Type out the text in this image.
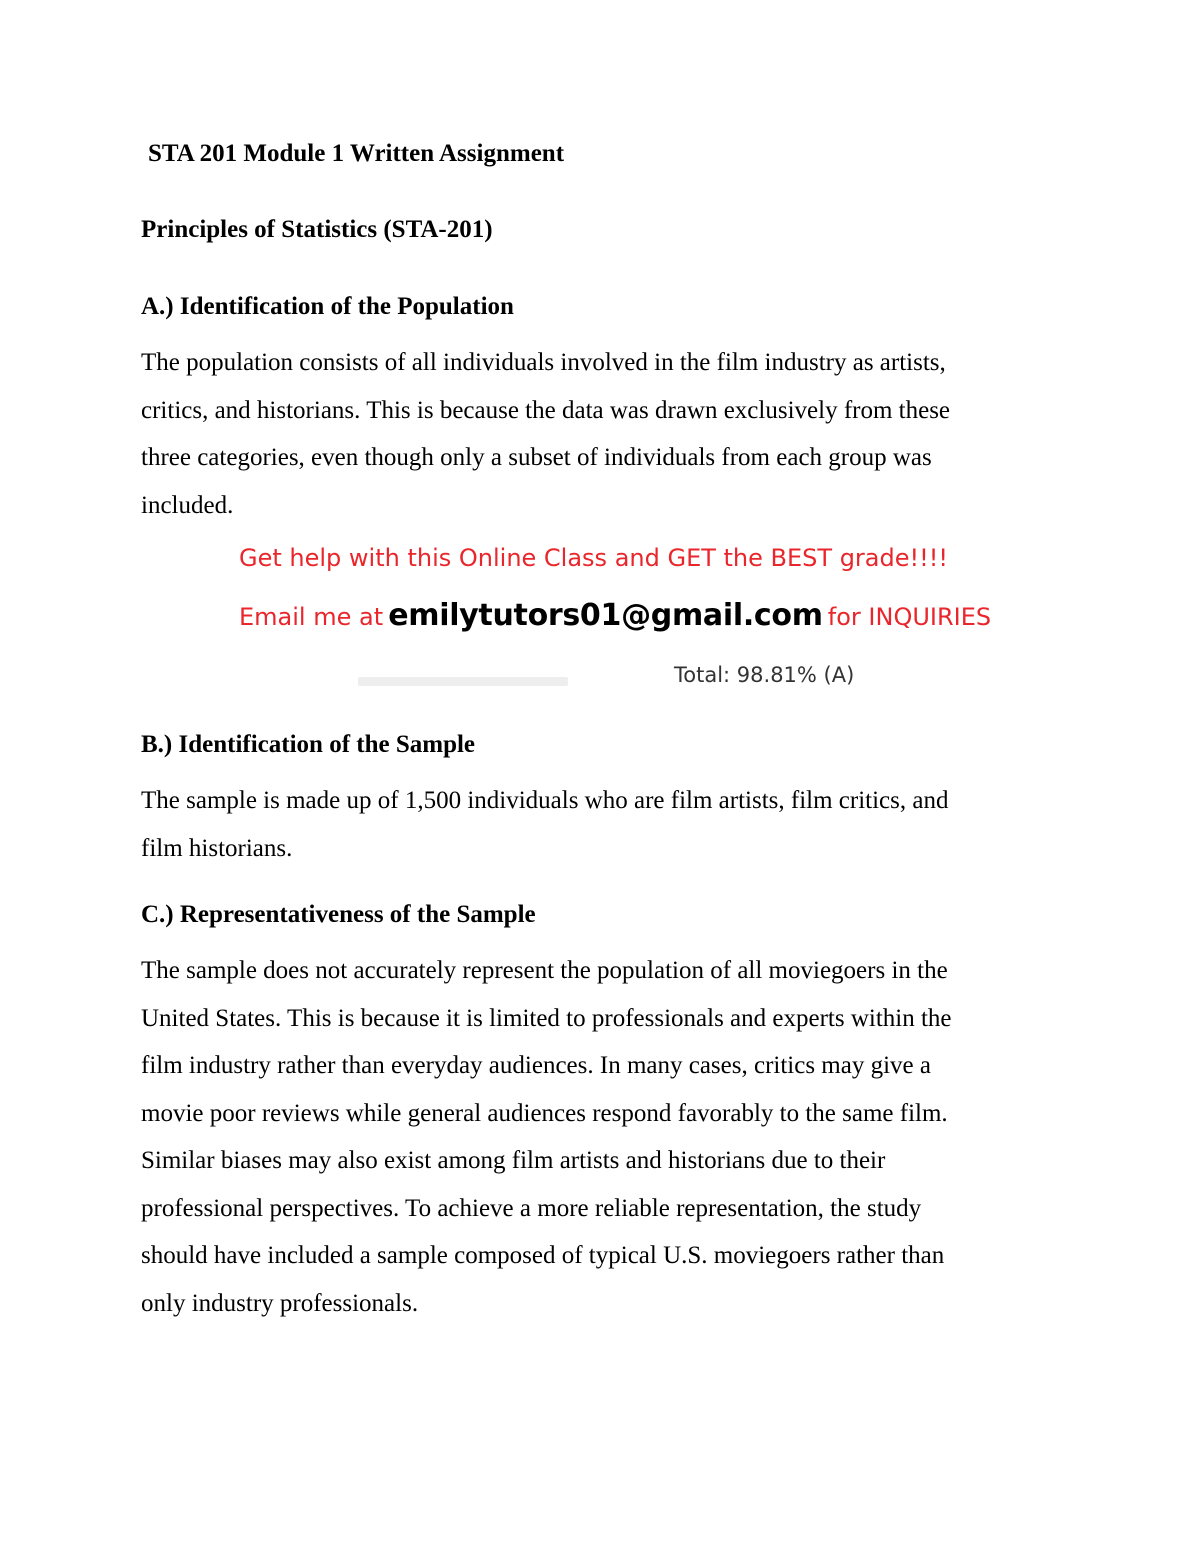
STA 201 Module 1 Written Assignment
Principles of Statistics (STA-201)
A.) Identification of the Population
The population consists of all individuals involved in the film industry as artists,
critics, and historians. This is because the data was drawn exclusively from these
three categories, even though only a subset of individuals from each group was
included.
Get help with this Online Class and GET the BEST grade!!!!
Email me at emilytutors01@gmail.com for INQUIRIES
Total: 98.81% (A)
B.) Identification of the Sample
The sample is made up of 1,500 individuals who are film artists, film critics, and
film historians.
C.) Representativeness of the Sample
The sample does not accurately represent the population of all moviegoers in the
United States. This is because it is limited to professionals and experts within the
film industry rather than everyday audiences. In many cases, critics may give a
movie poor reviews while general audiences respond favorably to the same film.
Similar biases may also exist among film artists and historians due to their
professional perspectives. To achieve a more reliable representation, the study
should have included a sample composed of typical U.S. moviegoers rather than
only industry professionals.
